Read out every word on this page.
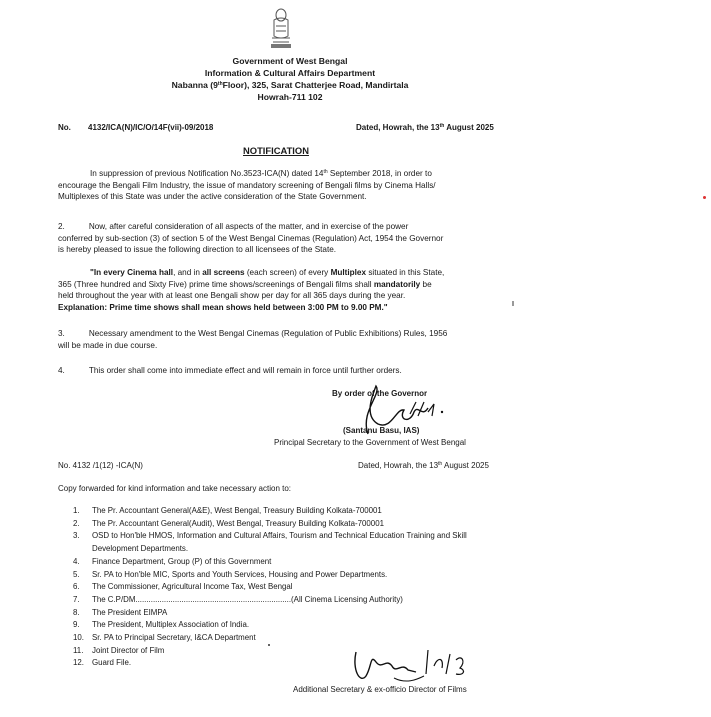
Government of West Bengal
Information & Cultural Affairs Department
Nabanna (9thFloor), 325, Sarat Chatterjee Road, Mandirtala
Howrah-711 102
No. 4132/ICA(N)/IC/O/14F(vii)-09/2018	Dated, Howrah, the 13th August 2025
NOTIFICATION
In suppression of previous Notification No.3523-ICA(N) dated 14th September 2018, in order to
encourage the Bengali Film Industry, the issue of mandatory screening of Bengali films by Cinema Halls/
Multiplexes of this State was under the active consideration of the State Government.
2.	Now, after careful consideration of all aspects of the matter, and in exercise of the power
conferred by sub-section (3) of section 5 of the West Bengal Cinemas (Regulation) Act, 1954 the Governor
is hereby pleased to issue the following direction to all licensees of the State.
"In every Cinema hall, and in all screens (each screen) of every Multiplex situated in this State,
365 (Three hundred and Sixty Five) prime time shows/screenings of Bengali films shall mandatorily be
held throughout the year with at least one Bengali show per day for all 365 days during the year.
Explanation: Prime time shows shall mean shows held between 3:00 PM to 9.00 PM."
3.	Necessary amendment to the West Bengal Cinemas (Regulation of Public Exhibitions) Rules, 1956
will be made in due course.
4.	This order shall come into immediate effect and will remain in force until further orders.
By order of the Governor
(Santanu Basu, IAS)
Principal Secretary to the Government of West Bengal
No. 4132 /1(12) -ICA(N)	Dated, Howrah, the 13th August 2025
Copy forwarded for kind information and take necessary action to:
1. The Pr. Accountant General(A&E), West Bengal, Treasury Building Kolkata-700001
2. The Pr. Accountant General(Audit), West Bengal, Treasury Building Kolkata-700001
3. OSD to Hon'ble HMOS, Information and Cultural Affairs, Tourism and Technical Education Training and Skill
Development Departments.
4. Finance Department, Group (P) of this Government
5. Sr. PA to Hon'ble MIC, Sports and Youth Services, Housing and Power Departments.
6. The Commissioner, Agricultural Income Tax, West Bengal
7. The C.P/DM.......................................................................(All Cinema Licensing Authority)
8. The President EIMPA
9. The President, Multiplex Association of India.
10. Sr. PA to Principal Secretary, I&CA Department
11. Joint Director of Film
12. Guard File.
Additional Secretary & ex-officio Director of Films
